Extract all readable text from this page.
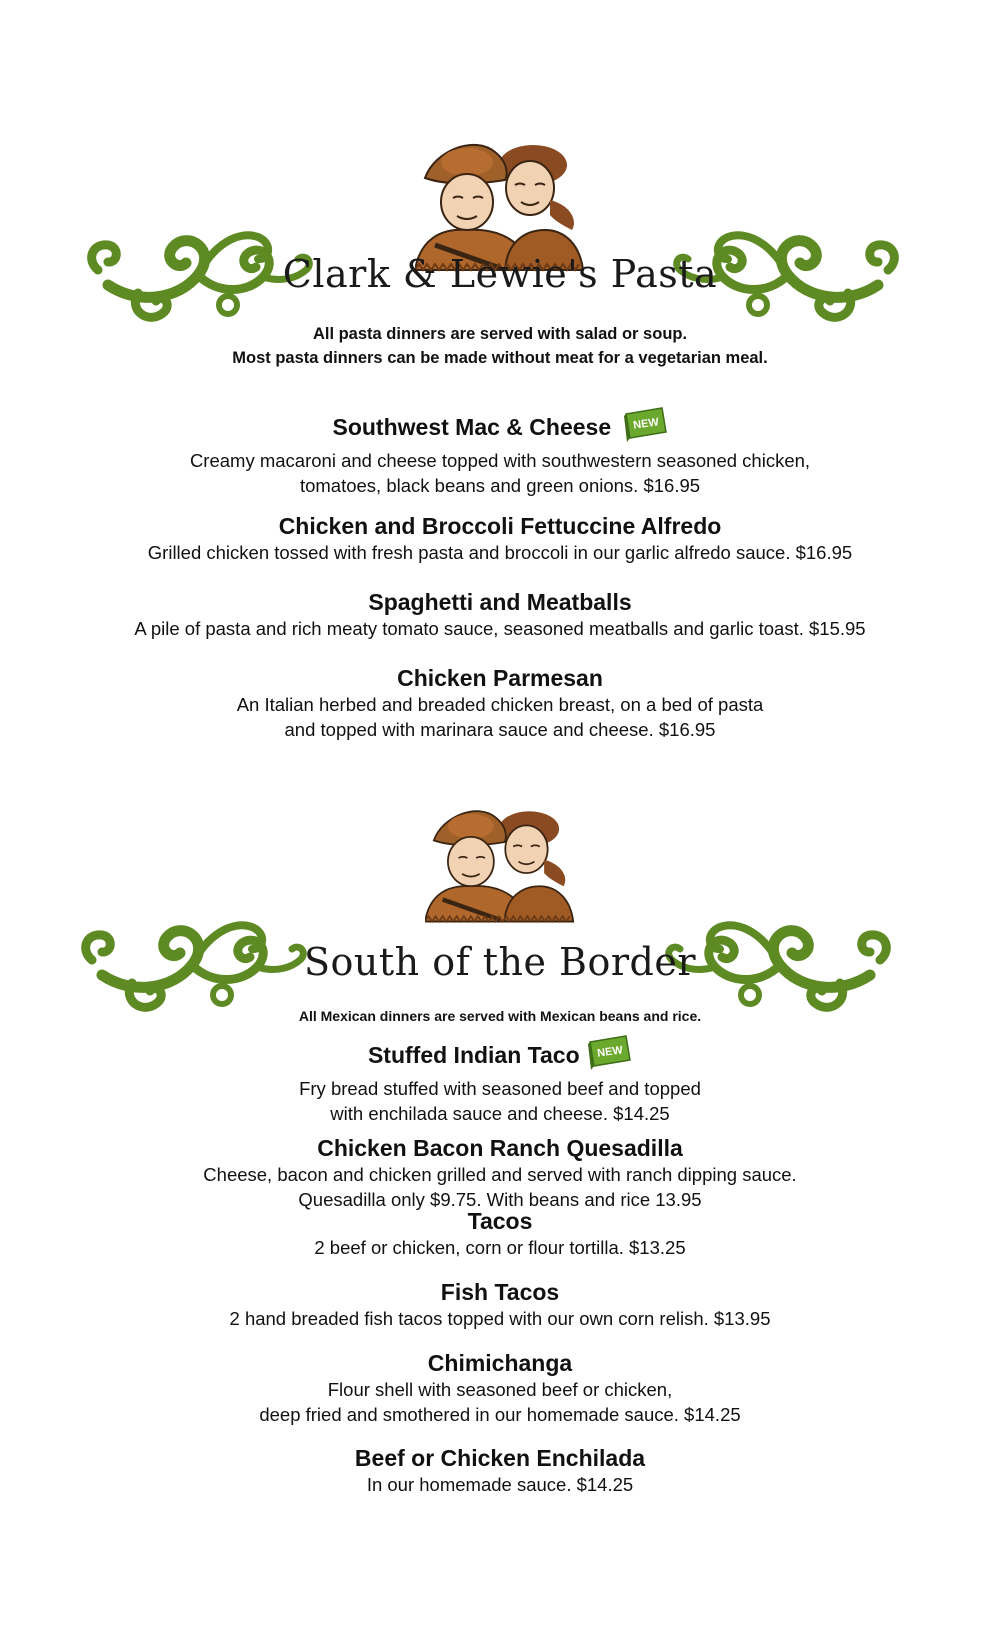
Clark & Lewie's Pasta
All pasta dinners are served with salad or soup.
Most pasta dinners can be made without meat for a vegetarian meal.
Southwest Mac & Cheese NEW
Creamy macaroni and cheese topped with southwestern seasoned chicken,
tomatoes, black beans and green onions. $16.95
Chicken and Broccoli Fettuccine Alfredo
Grilled chicken tossed with fresh pasta and broccoli in our garlic alfredo sauce. $16.95
Spaghetti and Meatballs
A pile of pasta and rich meaty tomato sauce, seasoned meatballs and garlic toast. $15.95
Chicken Parmesan
An Italian herbed and breaded chicken breast, on a bed of pasta
and topped with marinara sauce and cheese. $16.95
South of the Border
All Mexican dinners are served with Mexican beans and rice.
Stuffed Indian Taco NEW
Fry bread stuffed with seasoned beef and topped
with enchilada sauce and cheese. $14.25
Chicken Bacon Ranch Quesadilla
Cheese, bacon and chicken grilled and served with ranch dipping sauce.
Quesadilla only $9.75. With beans and rice 13.95
Tacos
2 beef or chicken, corn or flour tortilla. $13.25
Fish Tacos
2 hand breaded fish tacos topped with our own corn relish. $13.95
Chimichanga
Flour shell with seasoned beef or chicken,
deep fried and smothered in our homemade sauce. $14.25
Beef or Chicken Enchilada
In our homemade sauce. $14.25
